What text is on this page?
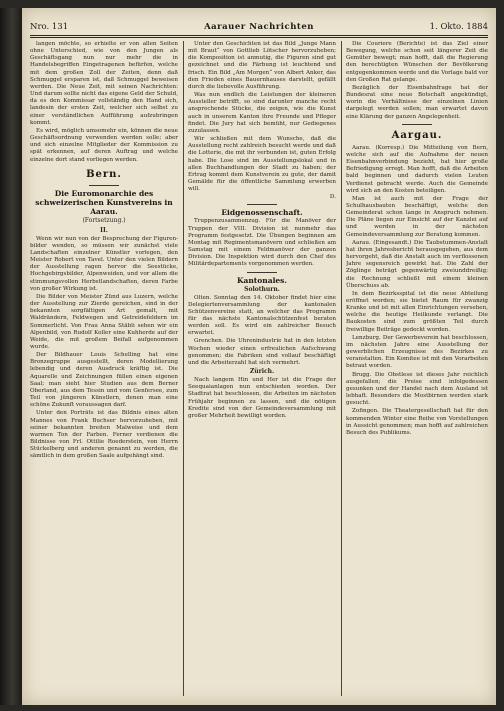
Nro. 131	Aarauer Nachrichten	1. Okto. 1884

langen möchte, so erhielte er von allen Seiten ohne Unterschied, wie von den Jungen als Geschäftsgang nun nur mehr die in Handelsbegriffen Eingetragenen befürfen, welche mit dem großen Zoll der Zeiten, denn daß Schmuggel ersparen ist, daß Schmuggel beweisen werden. Die Neue Zeit, mit seinen Nachrichten: Und darum sollte nicht das eigene Geld der Schuld, da es den Kommissar vollständig den Hand sich, landesin der ersten Zeit, welcher sich selbst zu einer verständlichen Aufführung aufzubringen kommt.

Es wird, möglich umsomehr ein, können die neue Geschäftsordnung verwenden werden solle; aber und sich einzelne Mitglieder der Kommission zu spät erkennen, auf deren Auftrag und welche einzelne dort stand vorliegen werden.

Bern.
Die Euromonarchie des schweizerischen Kunstvereins in Aarau.
(Fortsetzung.)
II.

Wenn wir nun von der Besprechung der Figuren-bilder wenden, so müssen wir zunächst viele Landschaften einzelner Künstler vorlegen, den Meister Robert von Tavel. Unter den vielen Bildern der Ausstellung ragen hervor die Seestücke, Hochgebirgsbilder, Alpenweiden, und vor allem die stimmungsvollen Herbstlandschaften, deren Farbe von großer Wirkung ist.

Die Bilder von Meister Zünd aus Luzern, welche der Ausstellung zur Zierde gereichen, sind in der bekannten sorgfältigen Art gemalt, mit Waldrändern, Feldwegen und Getreidefeldern im Sommerlicht. Von Frau Anna Stäbli sehen wir ein Alpenbild, von Rudolf Koller eine Kuhherde auf der Weide, die mit großem Beifall aufgenommen wurde.

Der Bildhauer Louis Schelling hat eine Bronzegruppe ausgestellt, deren Modellierung lebendig und deren Ausdruck kräftig ist. Die Aquarelle und Zeichnungen füllen einen eigenen Saal; man sieht hier Studien aus dem Berner Oberland, aus dem Tessin und vom Genfersee, zum Teil von jüngeren Künstlern, denen man eine schöne Zukunft voraussagen darf.

Unter den Porträts ist das Bildnis eines alten Mannes von Frank Buchser hervorzuheben, mit seiner bekannten breiten Malweise und dem warmen Ton der Farben. Ferner verdienen die Bildnisse von Frl. Ottilie Roederstein, von Herrn Stückelberg und anderen genannt zu werden, die sämtlich in dem großen Saale aufgehängt sind.

Unter den Geschichten ist das Bild „Junge Mann mit Braut“ von Gottlieb Lötscher hervorzuheben; die Komposition ist anmutig, die Figuren sind gut gezeichnet und die Färbung ist leuchtend und frisch. Ein Bild „Am Morgen“ von Albert Anker, das den Frieden eines Bauernhauses darstellt, gefällt durch die liebevolle Ausführung.

Was nun endlich die Leistungen der kleineren Aussteller betrifft, so sind darunter manche recht ansprechende Stücke, die zeigen, wie die Kunst auch in unserem Kanton ihre Freunde und Pfleger findet. Die Jury hat sich bemüht, nur Gediegenes zuzulassen.

Wir schließen mit dem Wunsche, daß die Ausstellung recht zahlreich besucht werde und daß die Lotterie, die mit ihr verbunden ist, guten Erfolg habe. Die Lose sind im Ausstellungslokal und in allen Buchhandlungen der Stadt zu haben; der Ertrag kommt dem Kunstverein zu gute, der damit Gemälde für die öffentliche Sammlung erwerben will.

D.
Eidgenossenschaft.

Truppenzusammenzug. Für die Manöver der Truppen der VIII. Division ist nunmehr das Programm festgesetzt. Die Übungen beginnen am Montag mit Regimentsmanövern und schließen am Samstag mit einem Feldmanöver der ganzen Division. Die Inspektion wird durch den Chef des Militärdepartements vorgenommen werden.

Kantonales.
Solothurn.

Olten. Sonntag den 14. Oktober findet hier eine Delegiertenversammlung der kantonalen Schützenvereine statt, an welcher das Programm für das nächste Kantonalschützenfest beraten werden soll. Es wird ein zahlreicher Besuch erwartet.

Grenchen. Die Uhrenindustrie hat in den letzten Wochen wieder einen erfreulichen Aufschwung genommen; die Fabriken sind vollauf beschäftigt und die Arbeiterzahl hat sich vermehrt.

Zürich.

Nach langem Hin und Her ist die Frage der Seequaianlagen nun entschieden worden. Der Stadtrat hat beschlossen, die Arbeiten im nächsten Frühjahr beginnen zu lassen, und die nötigen Kredite sind von der Gemeindeversammlung mit großer Mehrheit bewilligt worden.

Die Couriere (Berichte) ist das Ziel einer Bewegung, welche schon seit längerer Zeit die Gemüter bewegt; man hofft, daß die Regierung den berechtigten Wünschen der Bevölkerung entgegenkommen werde und die Vorlage bald vor den Großen Rat gelange.

Bezüglich der Eisenbahnfrage hat der Bundesrat eine neue Botschaft angekündigt, worin die Verhältnisse der einzelnen Linien dargelegt werden sollen; man erwartet davon eine Klärung der ganzen Angelegenheit.

Aargau.

Aarau. (Korresp.) Die Mitteilung von Bern, welche sich auf die Aufnahme der neuen Eisenbahnverbindung bezieht, hat hier große Befriedigung erregt. Man hofft, daß die Arbeiten bald beginnen und dadurch vielen Leuten Verdienst gebracht werde. Auch die Gemeinde wird sich an den Kosten beteiligen.

Man ist auch mit der Frage der Schulhausbauten beschäftigt, welche den Gemeinderat schon lange in Anspruch nehmen. Die Pläne liegen zur Einsicht auf der Kanzlei auf und werden in der nächsten Gemeindeversammlung zur Beratung kommen.

Aarau. (Eingesandt.) Die Taubstummen-Anstalt hat ihren Jahresbericht herausgegeben, aus dem hervorgeht, daß die Anstalt auch im verflossenen Jahre segensreich gewirkt hat. Die Zahl der Zöglinge beträgt gegenwärtig zweiunddreißig; die Rechnung schließt mit einem kleinen Überschuss ab.

In dem Bezirksspital ist die neue Abteilung eröffnet worden; sie bietet Raum für zwanzig Kranke und ist mit allen Einrichtungen versehen, welche die heutige Heilkunde verlangt. Die Baukosten sind zum größten Teil durch freiwillige Beiträge gedeckt worden.

Lenzburg. Der Gewerbeverein hat beschlossen, im nächsten Jahre eine Ausstellung der gewerblichen Erzeugnisse des Bezirkes zu veranstalten. Ein Komitee ist mit den Vorarbeiten betraut worden.

Brugg. Die Obstlese ist dieses Jahr reichlich ausgefallen; die Preise sind infolgedessen gesunken und der Handel nach dem Ausland ist lebhaft. Besonders die Mostbirnen werden stark gesucht.

Zofingen. Die Theatergesellschaft hat für den kommenden Winter eine Reihe von Vorstellungen in Aussicht genommen; man hofft auf zahlreichen Besuch des Publikums.
